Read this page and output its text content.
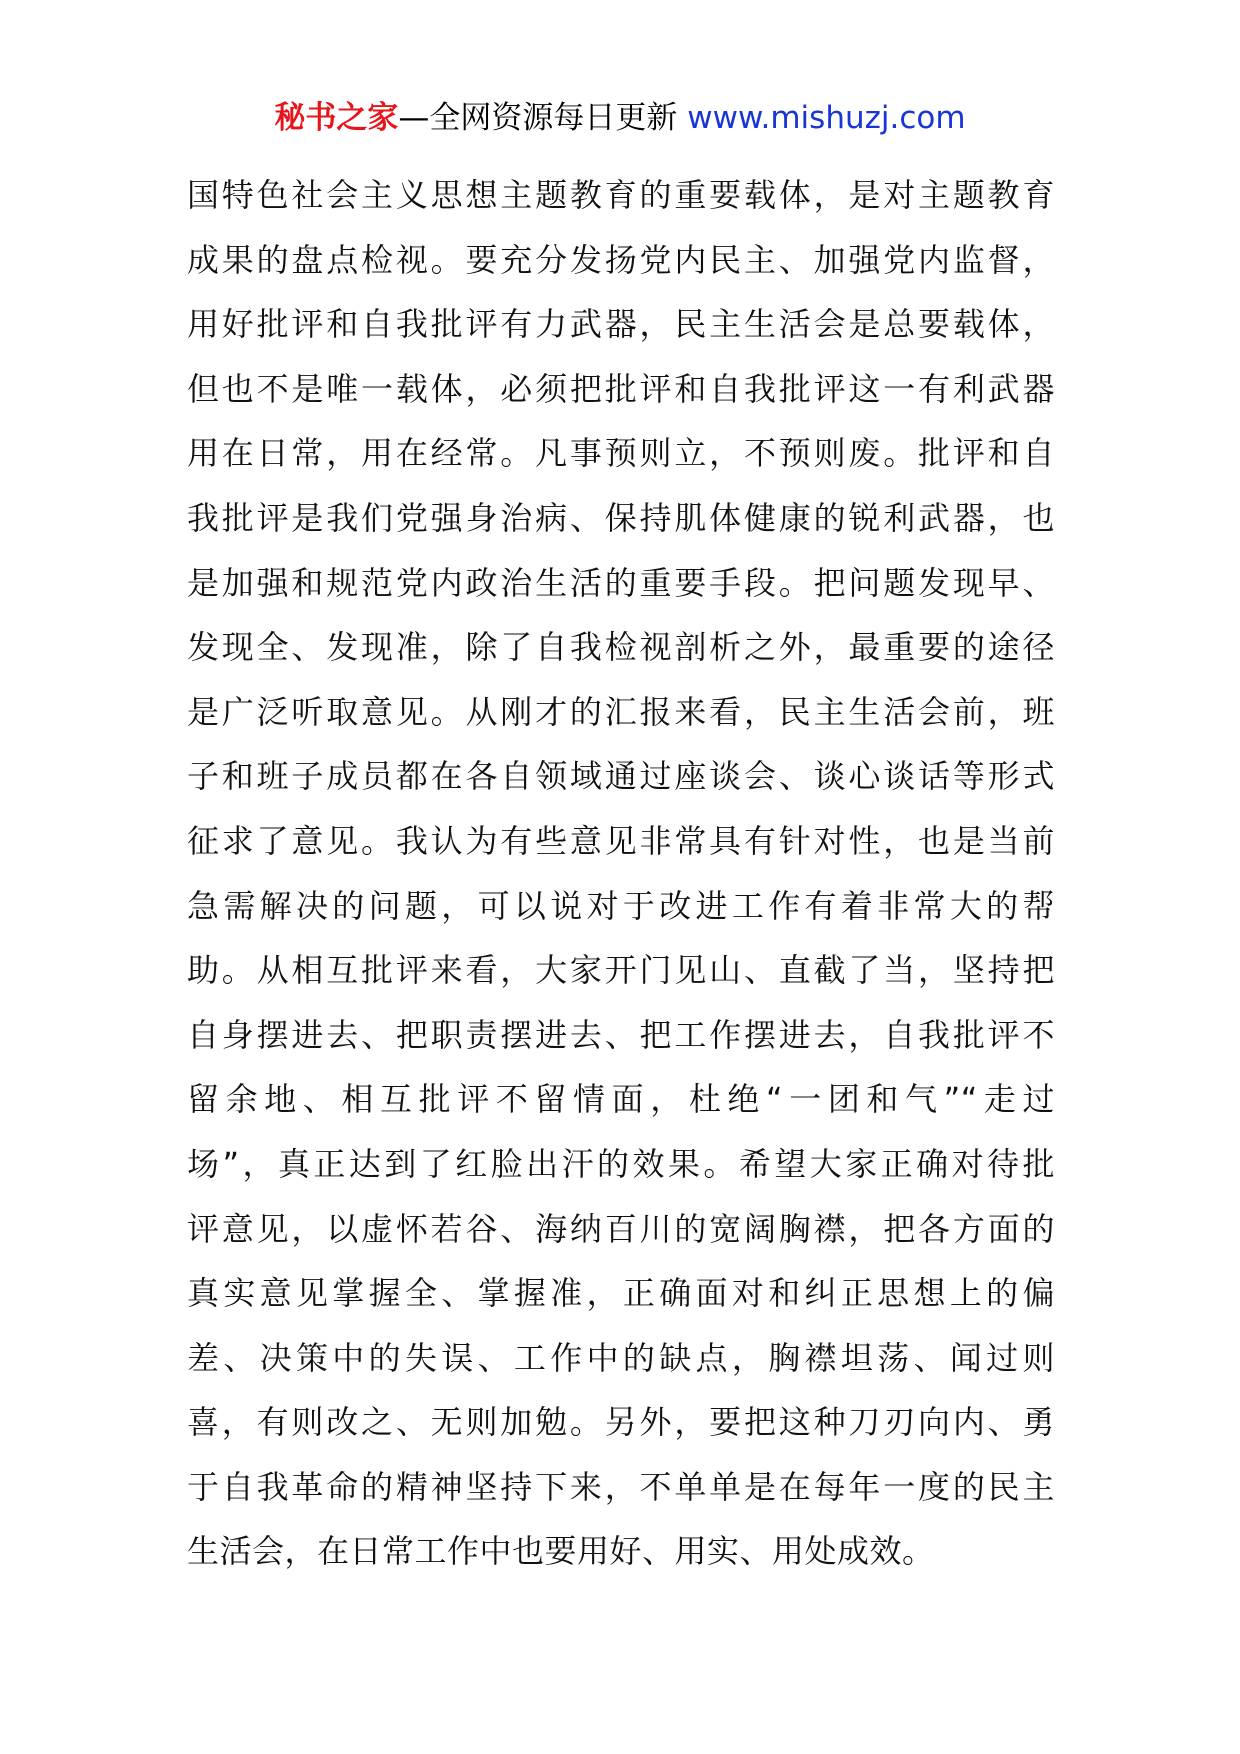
秘书之家—全网资源每日更新 www.mishuzj.com
国特色社会主义思想主题教育的重要载体，是对主题教育
成果的盘点检视。要充分发扬党内民主、加强党内监督，
用好批评和自我批评有力武器，民主生活会是总要载体，
但也不是唯一载体，必须把批评和自我批评这一有利武器
用在日常，用在经常。凡事预则立，不预则废。批评和自
我批评是我们党强身治病、保持肌体健康的锐利武器，也
是加强和规范党内政治生活的重要手段。把问题发现早、
发现全、发现准，除了自我检视剖析之外，最重要的途径
是广泛听取意见。从刚才的汇报来看，民主生活会前，班
子和班子成员都在各自领域通过座谈会、谈心谈话等形式
征求了意见。我认为有些意见非常具有针对性，也是当前
急需解决的问题，可以说对于改进工作有着非常大的帮
助。从相互批评来看，大家开门见山、直截了当，坚持把
自身摆进去、把职责摆进去、把工作摆进去，自我批评不
留余地、相互批评不留情面，杜绝“一团和气”“走过
场”，真正达到了红脸出汗的效果。希望大家正确对待批
评意见，以虚怀若谷、海纳百川的宽阔胸襟，把各方面的
真实意见掌握全、掌握准，正确面对和纠正思想上的偏
差、决策中的失误、工作中的缺点，胸襟坦荡、闻过则
喜，有则改之、无则加勉。另外，要把这种刀刃向内、勇
于自我革命的精神坚持下来，不单单是在每年一度的民主
生活会，在日常工作中也要用好、用实、用处成效。
